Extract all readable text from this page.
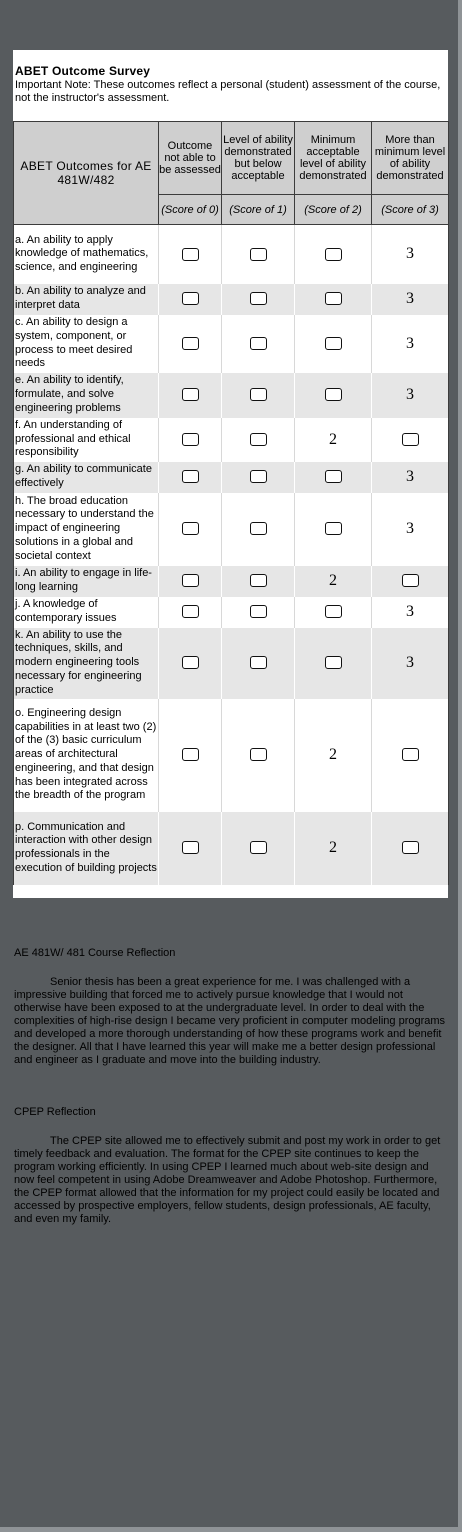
ABET Outcome Survey
Important Note: These outcomes reflect a personal (student) assessment of the course, not the instructor's assessment.
ABET Outcomes for AE 481W/482	Outcome not able to be assessed	Level of ability demonstrated but below acceptable	Minimum acceptable level of ability demonstrated	More than minimum level of ability demonstrated
	(Score of 0)	(Score of 1)	(Score of 2)	(Score of 3)
a. An ability to apply knowledge of mathematics, science, and engineering				3
b. An ability to analyze and interpret data				3
c. An ability to design a system, component, or process to meet desired needs				3
e. An ability to identify, formulate, and solve engineering problems				3
f. An understanding of professional and ethical responsibility			2	
g. An ability to communicate effectively				3
h. The broad education necessary to understand the impact of engineering solutions in a global and societal context				3
i. An ability to engage in life-long learning			2	
j. A knowledge of contemporary issues				3
k. An ability to use the techniques, skills, and modern engineering tools necessary for engineering practice				3
o. Engineering design capabilities in at least two (2) of the (3) basic curriculum areas of architectural engineering, and that design has been integrated across the breadth of the program			2	
p. Communication and interaction with other design professionals in the execution of building projects			2	
AE 481W/ 481 Course Reflection
Senior thesis has been a great experience for me. I was challenged with a impressive building that forced me to actively pursue knowledge that I would not otherwise have been exposed to at the undergraduate level. In order to deal with the complexities of high-rise design I became very proficient in computer modeling programs and developed a more thorough understanding of how these programs work and benefit the designer. All that I have learned this year will make me a better design professional and engineer as I graduate and move into the building industry.
CPEP Reflection
The CPEP site allowed me to effectively submit and post my work in order to get timely feedback and evaluation. The format for the CPEP site continues to keep the program working efficiently. In using CPEP I learned much about web-site design and now feel competent in using Adobe Dreamweaver and Adobe Photoshop. Furthermore, the CPEP format allowed that the information for my project could easily be located and accessed by prospective employers, fellow students, design professionals, AE faculty, and even my family.
